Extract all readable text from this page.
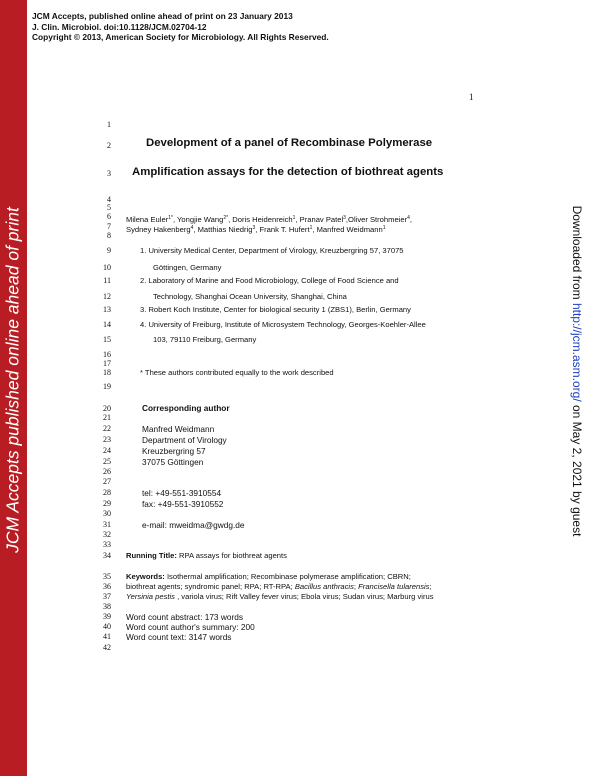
JCM Accepts published online ahead of print	Downloaded from http://jcm.asm.org/ on May 2, 2021 by guest
JCM Accepts, published online ahead of print on 23 January 2013
J. Clin. Microbiol. doi:10.1128/JCM.02704-12
Copyright © 2013, American Society for Microbiology. All Rights Reserved.
1
1
2
3
4
5
6
7
8
9
10
11
12
13
14
15
16
17
18
19
20
21
22
23
24
25
26
27
28
29
30
31
32
33
34
35
36
37
38
39
40
41
42
Development of a panel of Recombinase Polymerase
Amplification assays for the detection of biothreat agents
Milena Euler$^{1*}$, Yongjie Wang$^{2*}$, Doris Heidenreich$^1$, Pranav Patel$^3$,Oliver Strohmeier$^4$,
Sydney Hakenberg$^4$, Matthias Niedrig$^3$, Frank T. Hufert$^1$, Manfred Weidmann$^1$
1. University Medical Center, Department of Virology, Kreuzbergring 57, 37075
Göttingen, Germany
2. Laboratory of Marine and Food Microbiology, College of Food Science and
Technology, Shanghai Ocean University, Shanghai, China
3. Robert Koch Institute, Center for biological security 1 (ZBS1), Berlin, Germany
4. University of Freiburg, Institute of Microsystem Technology, Georges-Koehler-Allee
103, 79110 Freiburg, Germany
* These authors contributed equally to the work described
Corresponding author
Manfred Weidmann
Department of Virology
Kreuzbergring 57
37075 Göttingen
tel: +49-551-3910554
fax: +49-551-3910552
e-mail: mweidma@gwdg.de
Running Title: RPA assays for biothreat agents
Keywords: Isothermal amplification; Recombinase polymerase amplification; CBRN;
biothreat agents; syndromic panel; RPA; RT-RPA; Bacillus anthracis; Francisella tularensis;
Yersinia pestis , variola virus; Rift Valley fever virus; Ebola virus; Sudan virus; Marburg virus
Word count abstract: 173 words
Word count author's summary: 200
Word count text: 3147 words
